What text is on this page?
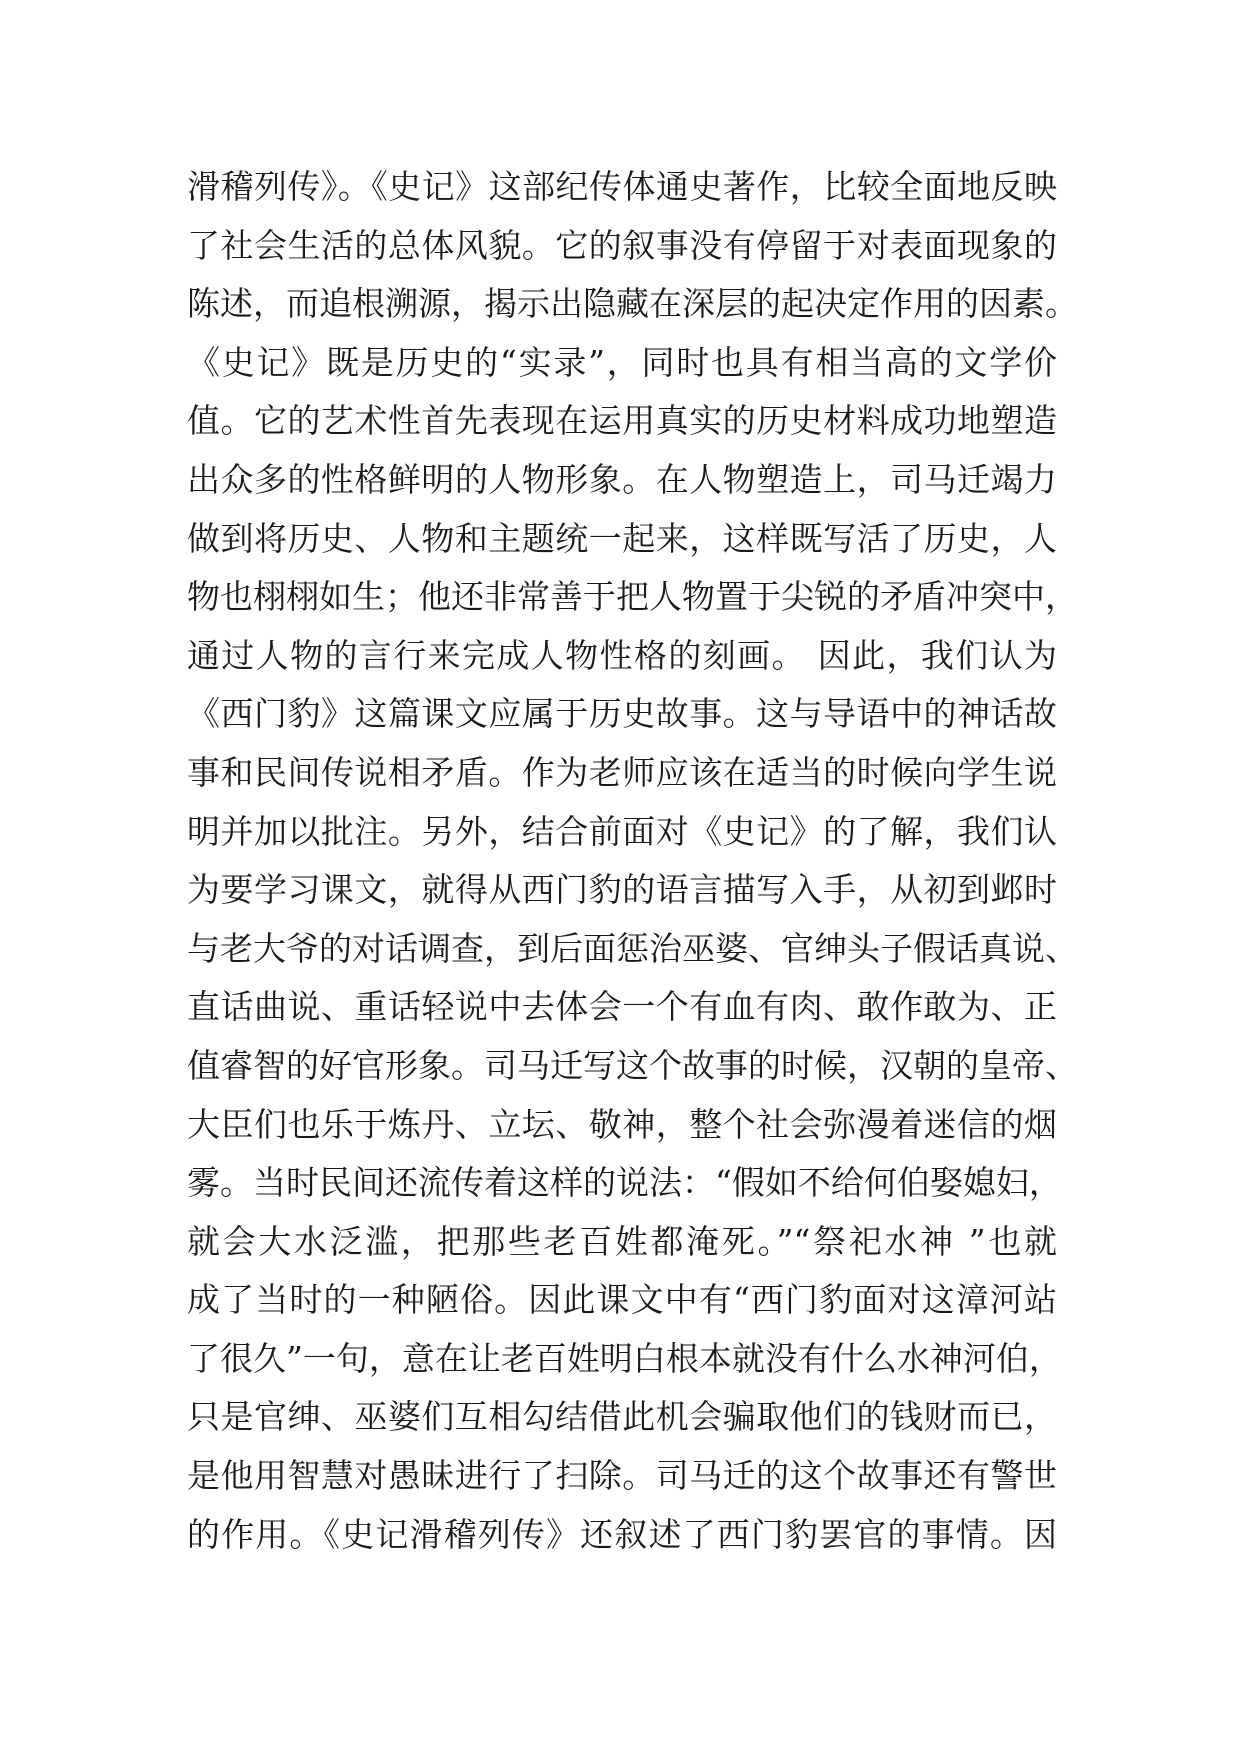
滑稽列传》。《史记》这部纪传体通史著作，比较全面地反映
了社会生活的总体风貌。它的叙事没有停留于对表面现象的
陈述，而追根溯源，揭示出隐藏在深层的起决定作用的因素。
《史记》既是历史的“实录”，同时也具有相当高的文学价
值。它的艺术性首先表现在运用真实的历史材料成功地塑造
出众多的性格鲜明的人物形象。在人物塑造上，司马迁竭力
做到将历史、人物和主题统一起来，这样既写活了历史，人
物也栩栩如生；他还非常善于把人物置于尖锐的矛盾冲突中，
通过人物的言行来完成人物性格的刻画。 因此，我们认为
《西门豹》这篇课文应属于历史故事。这与导语中的神话故
事和民间传说相矛盾。作为老师应该在适当的时候向学生说
明并加以批注。另外，结合前面对《史记》的了解，我们认
为要学习课文，就得从西门豹的语言描写入手，从初到邺时
与老大爷的对话调查，到后面惩治巫婆、官绅头子假话真说、
直话曲说、重话轻说中去体会一个有血有肉、敢作敢为、正
值睿智的好官形象。司马迁写这个故事的时候，汉朝的皇帝、
大臣们也乐于炼丹、立坛、敬神，整个社会弥漫着迷信的烟
雾。当时民间还流传着这样的说法：“假如不给何伯娶媳妇，
就会大水泛滥，把那些老百姓都淹死。”“祭祀水神 ”也就
成了当时的一种陋俗。因此课文中有“西门豹面对这漳河站
了很久”一句，意在让老百姓明白根本就没有什么水神河伯，
只是官绅、巫婆们互相勾结借此机会骗取他们的钱财而已，
是他用智慧对愚昧进行了扫除。司马迁的这个故事还有警世
的作用。《史记滑稽列传》还叙述了西门豹罢官的事情。因
